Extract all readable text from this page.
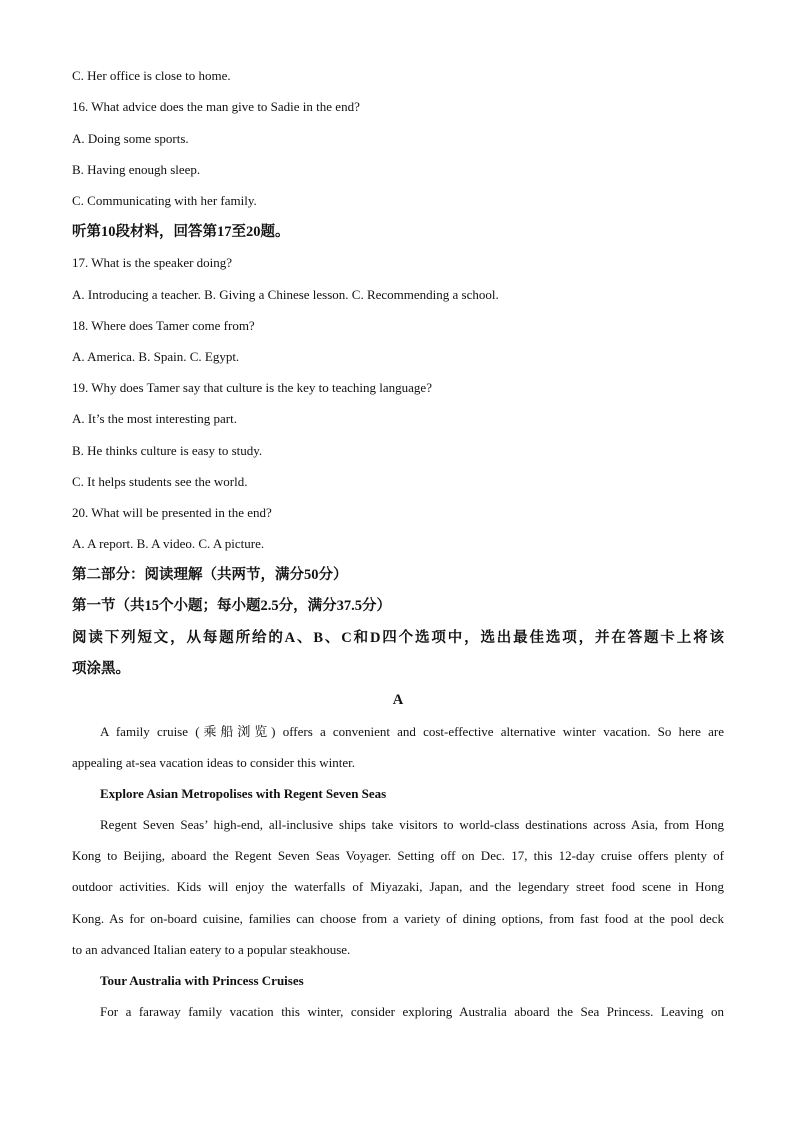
C. Her office is close to home.

16. What advice does the man give to Sadie in the end?

A. Doing some sports.

B. Having enough sleep.

C. Communicating with her family.

听第10段材料，回答第17至20题。

17. What is the speaker doing?

A. Introducing a teacher. B. Giving a Chinese lesson. C. Recommending a school.

18. Where does Tamer come from?

A. America. B. Spain. C. Egypt.

19. Why does Tamer say that culture is the key to teaching language?

A. It’s the most interesting part.

B. He thinks culture is easy to study.

C. It helps students see the world.

20. What will be presented in the end?

A. A report. B. A video. C. A picture.

第二部分：阅读理解（共两节，满分50分）

第一节（共15个小题；每小题2.5分，满分37.5分）

阅读下列短文，从每题所给的A、B、C和D四个选项中，选出最佳选项，并在答题卡上将该

项涂黑。

A

A family cruise (乘船浏览) offers a convenient and cost-effective alternative winter vacation. So here are

appealing at-sea vacation ideas to consider this winter.

Explore Asian Metropolises with Regent Seven Seas

Regent Seven Seas’ high-end, all-inclusive ships take visitors to world-class destinations across Asia, from Hong

Kong to Beijing, aboard the Regent Seven Seas Voyager. Setting off on Dec. 17, this 12-day cruise offers plenty of

outdoor activities. Kids will enjoy the waterfalls of Miyazaki, Japan, and the legendary street food scene in Hong

Kong. As for on-board cuisine, families can choose from a variety of dining options, from fast food at the pool deck

to an advanced Italian eatery to a popular steakhouse.

Tour Australia with Princess Cruises

For a faraway family vacation this winter, consider exploring Australia aboard the Sea Princess. Leaving on
